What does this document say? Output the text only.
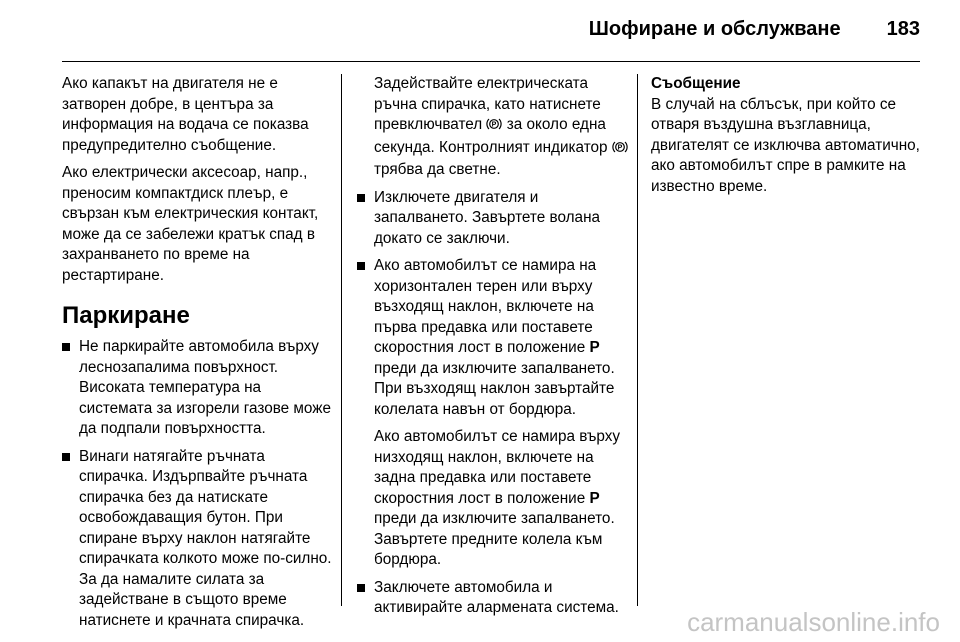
Шофиране и обслужване 183

Ако капакът на двигателя не е затворен добре, в центъра за информация на водача се показва предупредително съобщение.

Ако електрически аксесоар, напр., преносим компактдиск плеър, е свързан към електрическия контакт, може да се забележи кратък спад в захранването по време на рестартиране.

Паркиране

Не паркирайте автомобила върху леснозапалима повърхност. Високата температура на системата за изгорели газове може да подпали повърхността.

Винаги натягайте ръчната спирачка. Издърпвайте ръчната спирачка без да натискате освобождаващия бутон. При спиране върху наклон натягайте спирачката колкото може по-силно. За да намалите силата за задействане в същото време натиснете и крачната спирачка.

Задействайте електрическата ръчна спирачка, като натиснете превключвател P за около една секунда. Контролният индикатор P
трябва да светне.

Изключете двигателя и запалването. Завъртете волана докато се заключи.

Ако автомобилът се намира на хоризонтален терен или върху възходящ наклон, включете на първа предавка или поставете скоростния лост в положение P преди да изключите запалването. При възходящ наклон завъртайте колелата навън от бордюра.

Ако автомобилът се намира върху низходящ наклон, включете на задна предавка или поставете скоростния лост в положение P преди да изключите запалването. Завъртете предните колела към бордюра.

Заключете автомобила и активирайте алармената система.

Съобщение

В случай на сблъсък, при който се отваря въздушна възглавница, двигателят се изключва автоматично, ако автомобилът спре в рамките на известно време.

carmanualsonline.info
